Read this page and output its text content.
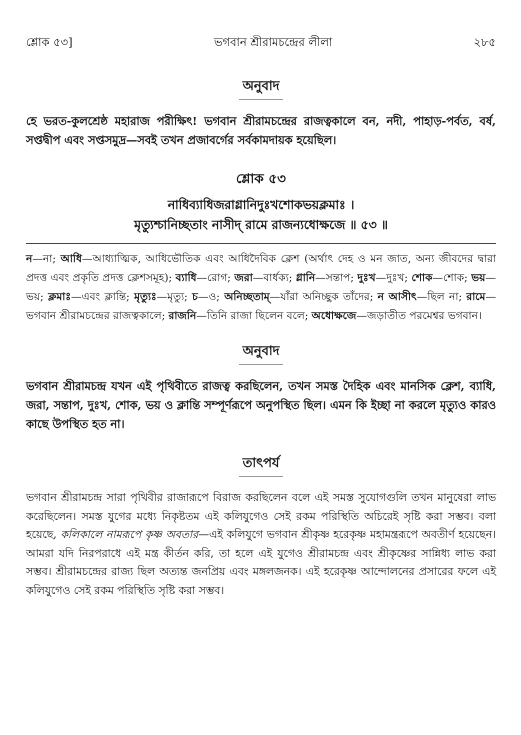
শ্লোক ৫৩]	ভগবান শ্রীরামচন্দ্রের লীলা	২৮৫
অনুবাদ

হে ভরত-কুলশ্রেষ্ঠ মহারাজ পরীক্ষিৎ! ভগবান শ্রীরামচন্দ্রের রাজত্বকালে বন, নদী, পাহাড়-পর্বত, বর্ষ, সপ্তদ্বীপ এবং সপ্তসমুদ্র—সবই তখন প্রজাবর্গের সর্বকামদায়ক হয়েছিল।

শ্লোক ৫৩
নাধিব্যাধিজরাগ্লানিদুঃখশোকভয়ক্লমাঃ ।
মৃত্যুশ্চানিচ্ছতাং নাসীদ্ রামে রাজন্যধোক্ষজে ॥ ৫৩ ॥

ন—না; আধি—আধ্যাত্মিক, আধিভৌতিক এবং আধিদৈবিক ক্লেশ (অর্থাৎ দেহ ও মন জাত, অন্য জীবদের দ্বারা প্রদত্ত এবং প্রকৃতি প্রদত্ত ক্লেশসমূহ); ব্যাধি—রোগ; জরা—বার্ধক্য; গ্লানি—সন্তাপ; দুঃখ—দুঃখ; শোক—শোক; ভয়—ভয়; ক্লমাঃ—এবং ক্লান্তি; মৃত্যুঃ—মৃত্যু; চ—ও; অনিচ্ছতাম্—যাঁরা অনিচ্ছুক তাঁদের; ন আসীৎ—ছিল না; রামে—ভগবান শ্রীরামচন্দ্রের রাজত্বকালে; রাজনি—তিনি রাজা ছিলেন বলে; অধোক্ষজে—জড়াতীত পরমেশ্বর ভগবান।

অনুবাদ

ভগবান শ্রীরামচন্দ্র যখন এই পৃথিবীতে রাজত্ব করছিলেন, তখন সমস্ত দৈহিক এবং মানসিক ক্লেশ, ব্যাধি, জরা, সন্তাপ, দুঃখ, শোক, ভয় ও ক্লান্তি সম্পূর্ণরূপে অনুপস্থিত ছিল। এমন কি ইচ্ছা না করলে মৃত্যুও কারও কাছে উপস্থিত হত না।

তাৎপর্য

ভগবান শ্রীরামচন্দ্র সারা পৃথিবীর রাজারূপে বিরাজ করছিলেন বলে এই সমস্ত সুযোগগুলি তখন মানুষেরা লাভ করেছিলেন। সমস্ত যুগের মধ্যে নিকৃষ্টতম এই কলিযুগেও সেই রকম পরিস্থিতি অচিরেই সৃষ্টি করা সম্ভব। বলা হয়েছে, কলিকালে নামরূপে কৃষ্ণ অবতার—এই কলিযুগে ভগবান শ্রীকৃষ্ণ হরেকৃষ্ণ মহামন্ত্ররূপে অবতীর্ণ হয়েছেন। আমরা যদি নিরপরাধে এই মন্ত্র কীর্তন করি, তা হলে এই যুগেও শ্রীরামচন্দ্র এবং শ্রীকৃষ্ণের সান্নিধ্য লাভ করা সম্ভব। শ্রীরামচন্দ্রের রাজ্য ছিল অত্যন্ত জনপ্রিয় এবং মঙ্গলজনক। এই হরেকৃষ্ণ আন্দোলনের প্রসারের ফলে এই কলিযুগেও সেই রকম পরিস্থিতি সৃষ্টি করা সম্ভব।
